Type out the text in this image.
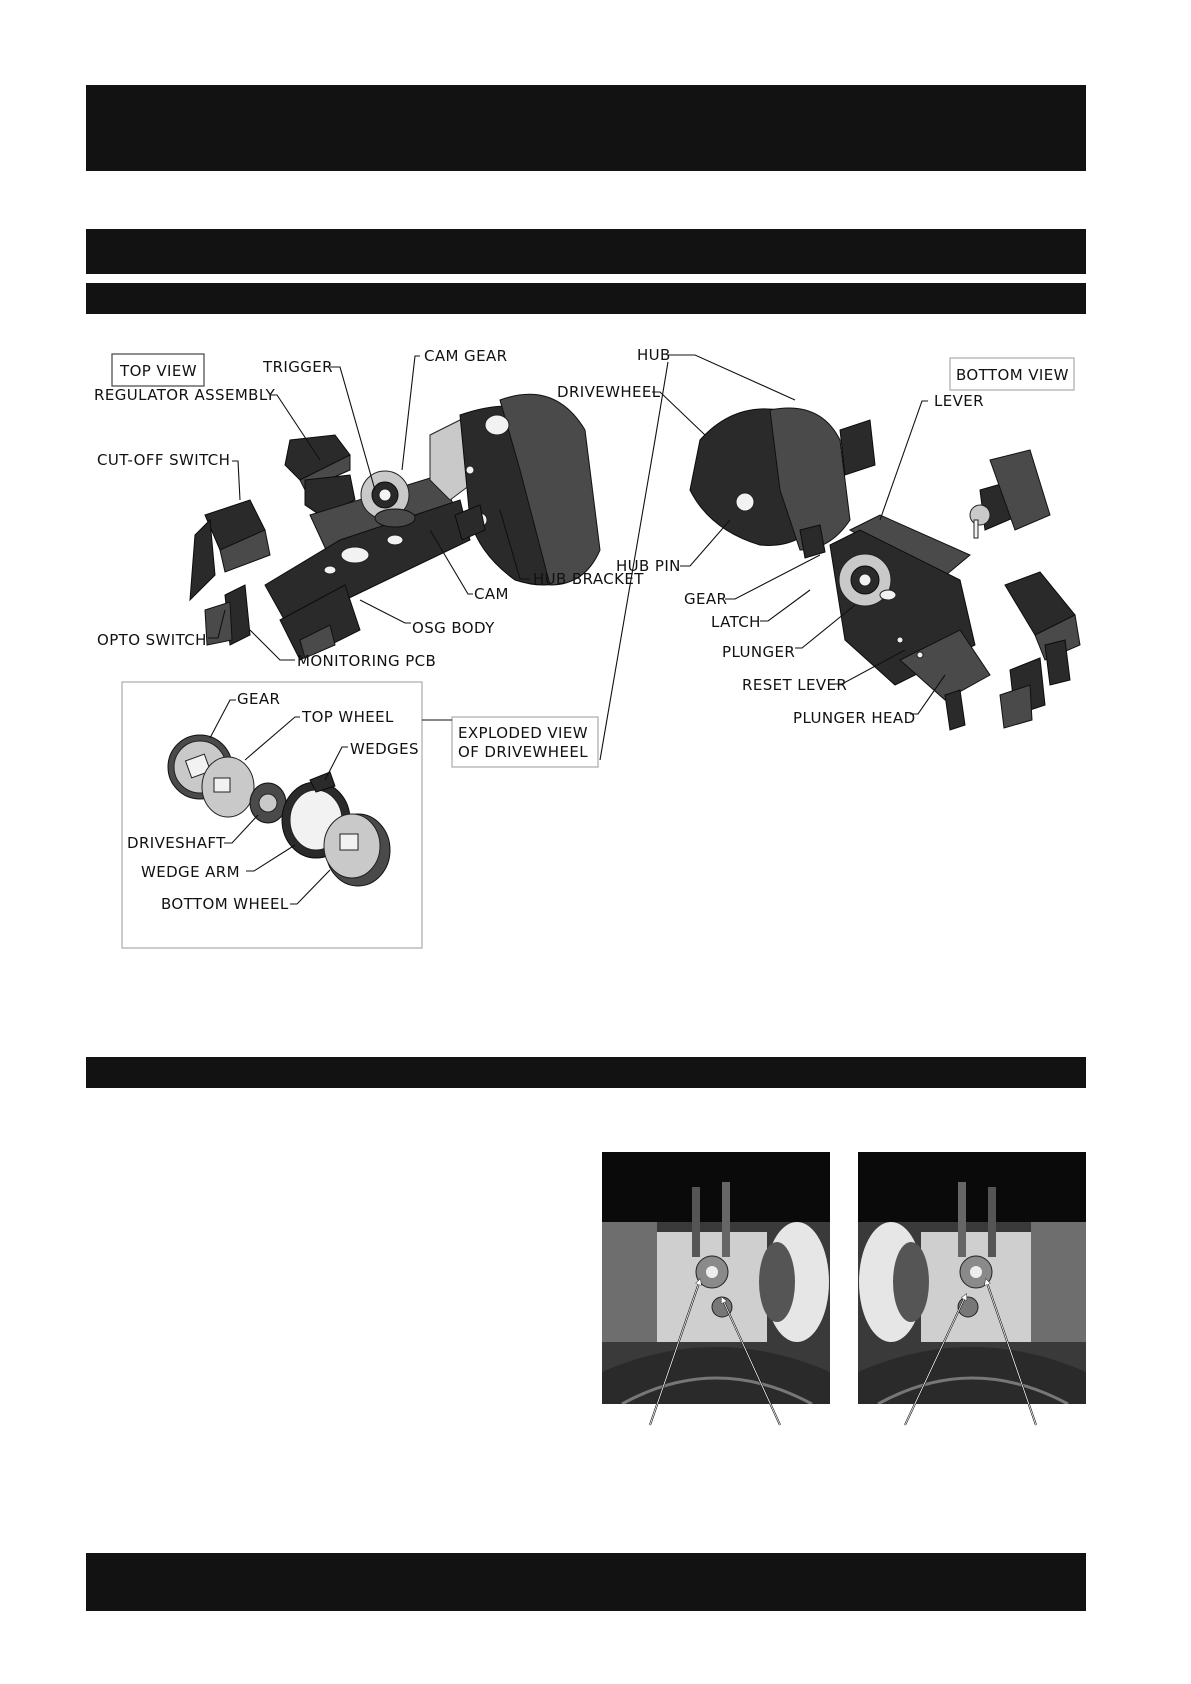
TOP VIEW	BOTTOM VIEW
TRIGGER
CAM GEAR	HUB
DRIVEWHEEL	LEVER
REGULATOR ASSEMBLY
CUT-OFF SWITCH
HUB PIN
HUB BRACKET
CAM	GEAR
LATCH
OSG BODY
OPTO SWITCH
PLUNGER
MONITORING PCB
RESET LEVER
PLUNGER HEAD
EXPLODED VIEW
OF DRIVEWHEEL
GEAR
TOP WHEEL
WEDGES
DRIVESHAFT
WEDGE ARM
BOTTOM WHEEL
